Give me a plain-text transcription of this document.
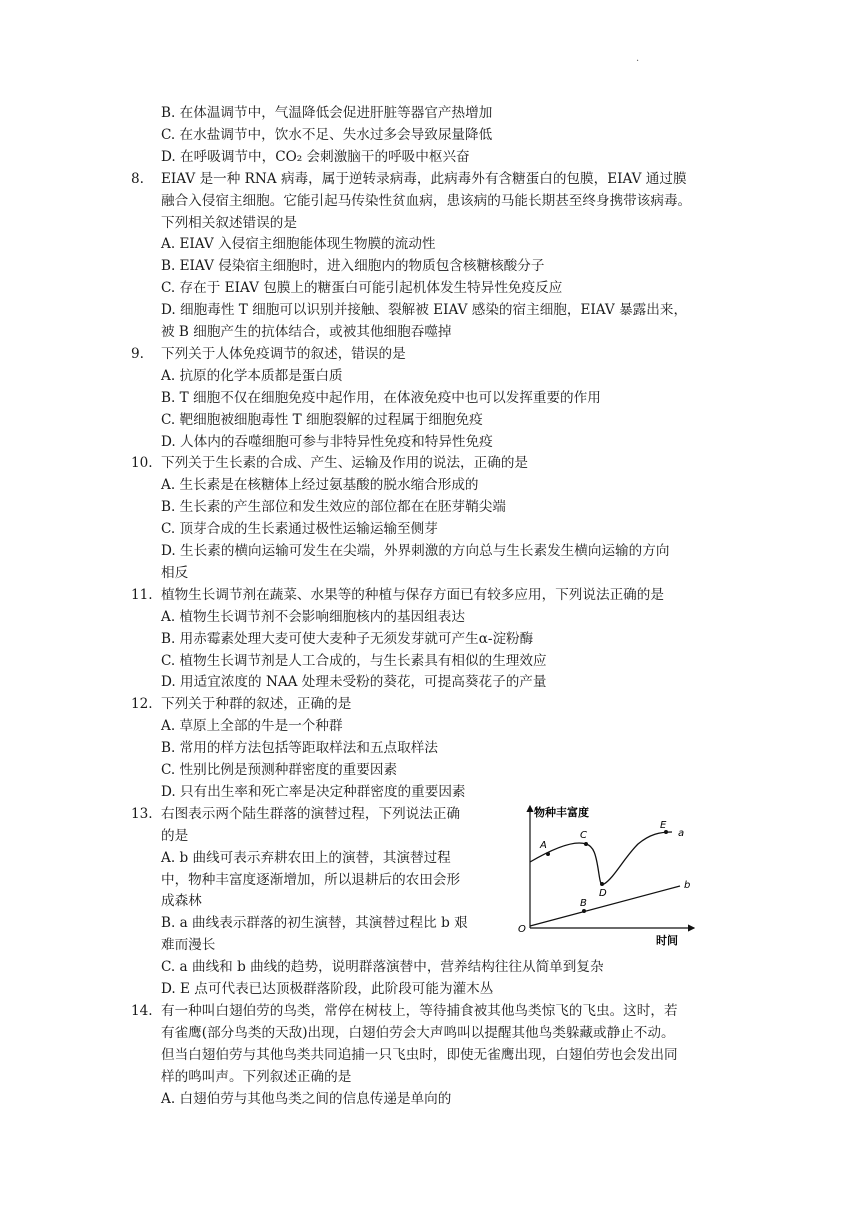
·
B. 在体温调节中，气温降低会促进肝脏等器官产热增加
C. 在水盐调节中，饮水不足、失水过多会导致尿量降低
D. 在呼吸调节中，CO₂ 会刺激脑干的呼吸中枢兴奋
8. EIAV 是一种 RNA 病毒，属于逆转录病毒，此病毒外有含糖蛋白的包膜，EIAV 通过膜
融合入侵宿主细胞。它能引起马传染性贫血病，患该病的马能长期甚至终身携带该病毒。
下列相关叙述错误的是
A. EIAV 入侵宿主细胞能体现生物膜的流动性
B. EIAV 侵染宿主细胞时，进入细胞内的物质包含核糖核酸分子
C. 存在于 EIAV 包膜上的糖蛋白可能引起机体发生特异性免疫反应
D. 细胞毒性 T 细胞可以识别并接触、裂解被 EIAV 感染的宿主细胞，EIAV 暴露出来，
被 B 细胞产生的抗体结合，或被其他细胞吞噬掉
9. 下列关于人体免疫调节的叙述，错误的是
A. 抗原的化学本质都是蛋白质
B. T 细胞不仅在细胞免疫中起作用，在体液免疫中也可以发挥重要的作用
C. 靶细胞被细胞毒性 T 细胞裂解的过程属于细胞免疫
D. 人体内的吞噬细胞可参与非特异性免疫和特异性免疫
10. 下列关于生长素的合成、产生、运输及作用的说法，正确的是
A. 生长素是在核糖体上经过氨基酸的脱水缩合形成的
B. 生长素的产生部位和发生效应的部位都在在胚芽鞘尖端
C. 顶芽合成的生长素通过极性运输运输至侧芽
D. 生长素的横向运输可发生在尖端，外界刺激的方向总与生长素发生横向运输的方向
相反
11. 植物生长调节剂在蔬菜、水果等的种植与保存方面已有较多应用，下列说法正确的是
A. 植物生长调节剂不会影响细胞核内的基因组表达
B. 用赤霉素处理大麦可使大麦种子无须发芽就可产生α-淀粉酶
C. 植物生长调节剂是人工合成的，与生长素具有相似的生理效应
D. 用适宜浓度的 NAA 处理未受粉的葵花，可提高葵花子的产量
12. 下列关于种群的叙述，正确的是
A. 草原上全部的牛是一个种群
B. 常用的样方法包括等距取样法和五点取样法
C. 性别比例是预测种群密度的重要因素
D. 只有出生率和死亡率是决定种群密度的重要因素
13. 右图表示两个陆生群落的演替过程，下列说法正确
的是
A. b 曲线可表示弃耕农田上的演替，其演替过程
中，物种丰富度逐渐增加，所以退耕后的农田会形
成森林
B. a 曲线表示群落的初生演替，其演替过程比 b 艰
难而漫长
C. a 曲线和 b 曲线的趋势，说明群落演替中，营养结构往往从简单到复杂
D. E 点可代表已达顶极群落阶段，此阶段可能为灌木丛
14. 有一种叫白翅伯劳的鸟类，常停在树枝上，等待捕食被其他鸟类惊飞的飞虫。这时，若
有雀鹰(部分鸟类的天敌)出现，白翅伯劳会大声鸣叫以提醒其他鸟类躲藏或静止不动。
但当白翅伯劳与其他鸟类共同追捕一只飞虫时，即使无雀鹰出现，白翅伯劳也会发出同
样的鸣叫声。下列叙述正确的是
A. 白翅伯劳与其他鸟类之间的信息传递是单向的
物种丰富度
时间
O
A
C
D
E
B
a
b
